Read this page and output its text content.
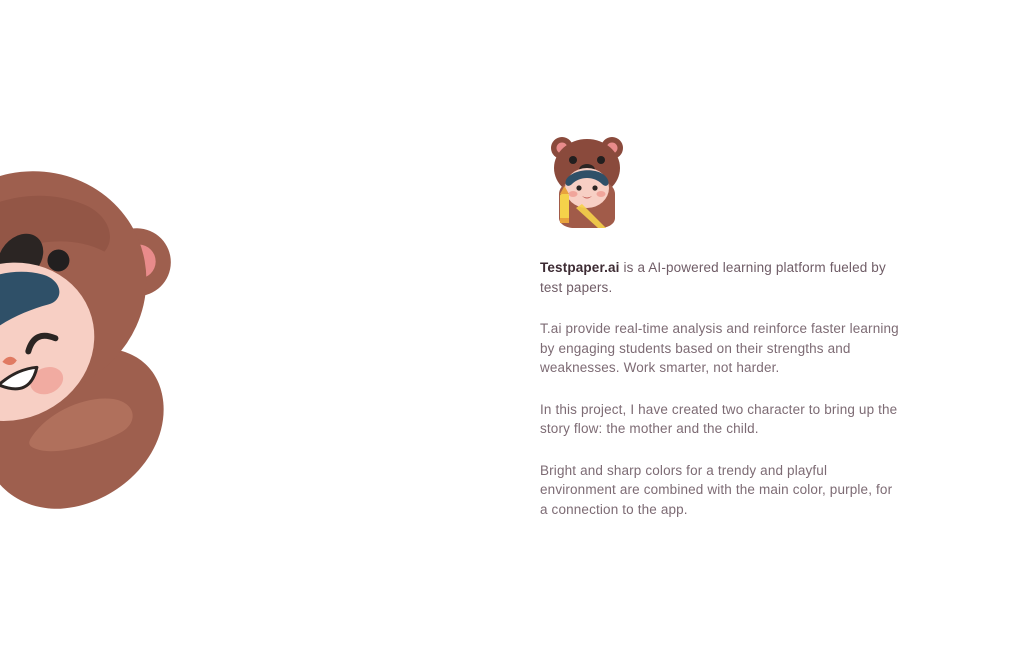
Testpaper.ai is a AI-powered learning platform fueled by test papers.

T.ai provide real-time analysis and reinforce faster learning by engaging students based on their strengths and weaknesses. Work smarter, not harder.

In this project, I have created two character to bring up the story flow: the mother and the child.

Bright and sharp colors for a trendy and playful environment are combined with the main color, purple, for a connection to the app.
